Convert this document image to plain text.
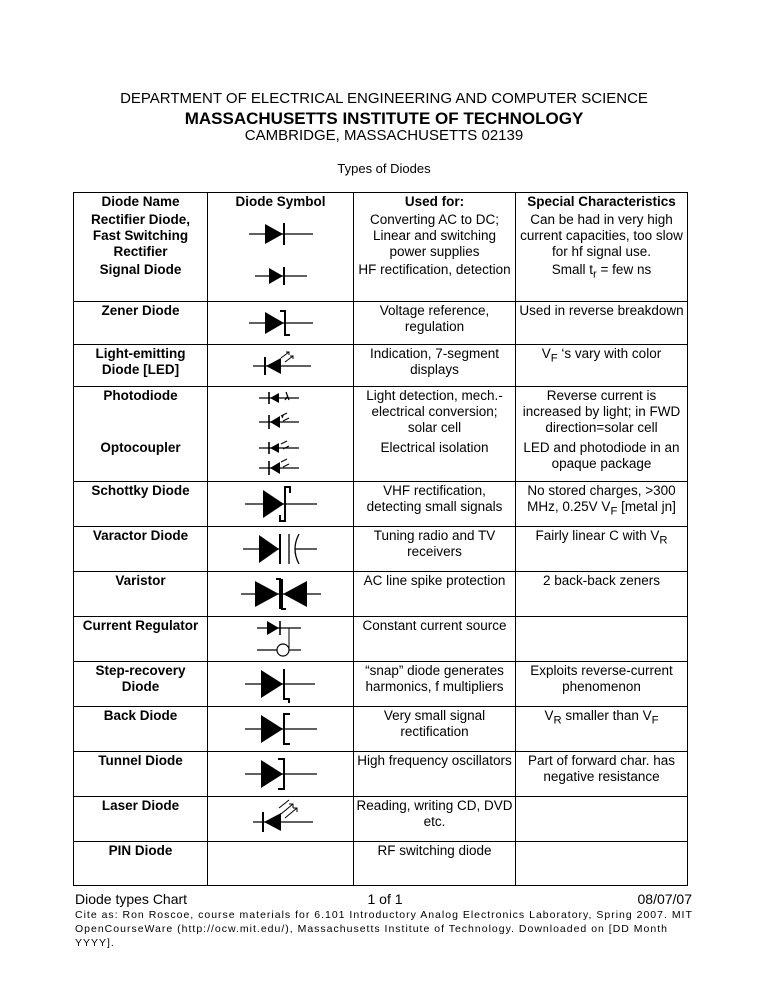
DEPARTMENT OF ELECTRICAL ENGINEERING AND COMPUTER SCIENCE
MASSACHUSETTS INSTITUTE OF TECHNOLOGY
CAMBRIDGE, MASSACHUSETTS 02139
Types of Diodes
Diode Name	Diode Symbol	Used for:	Special Characteristics
Rectifier Diode, Fast Switching Rectifier		Converting AC to DC; Linear and switching power supplies	Can be had in very high current capacities, too slow for hf signal use.
Signal Diode		HF rectification, detection	Small $t_r$ = few ns
Zener Diode		Voltage reference, regulation	Used in reverse breakdown
Light-emitting Diode [LED]		Indication, 7-segment displays	$V_F$ ‘s vary with color
Photodiode		Light detection, mech.-electrical conversion; solar cell	Reverse current is increased by light; in FWD direction=solar cell
Optocoupler		Electrical isolation	LED and photodiode in an opaque package
Schottky Diode		VHF rectification, detecting small signals	No stored charges, >300 MHz, 0.25V $V_F$ [metal jn]
Varactor Diode		Tuning radio and TV receivers	Fairly linear C with $V_R$
Varistor		AC line spike protection	2 back-back zeners
Current Regulator		Constant current source	
Step-recovery Diode		“snap” diode generates harmonics, f multipliers	Exploits reverse-current phenomenon
Back Diode		Very small signal rectification	$V_R$ smaller than $V_F$
Tunnel Diode		High frequency oscillators	Part of forward char. has negative resistance
Laser Diode		Reading, writing CD, DVD etc.	
PIN Diode		RF switching diode	
Diode types Chart	1 of 1	08/07/07
Cite as: Ron Roscoe, course materials for 6.101 Introductory Analog Electronics Laboratory, Spring 2007. MIT OpenCourseWare (http://ocw.mit.edu/), Massachusetts Institute of Technology. Downloaded on [DD Month YYYY].
